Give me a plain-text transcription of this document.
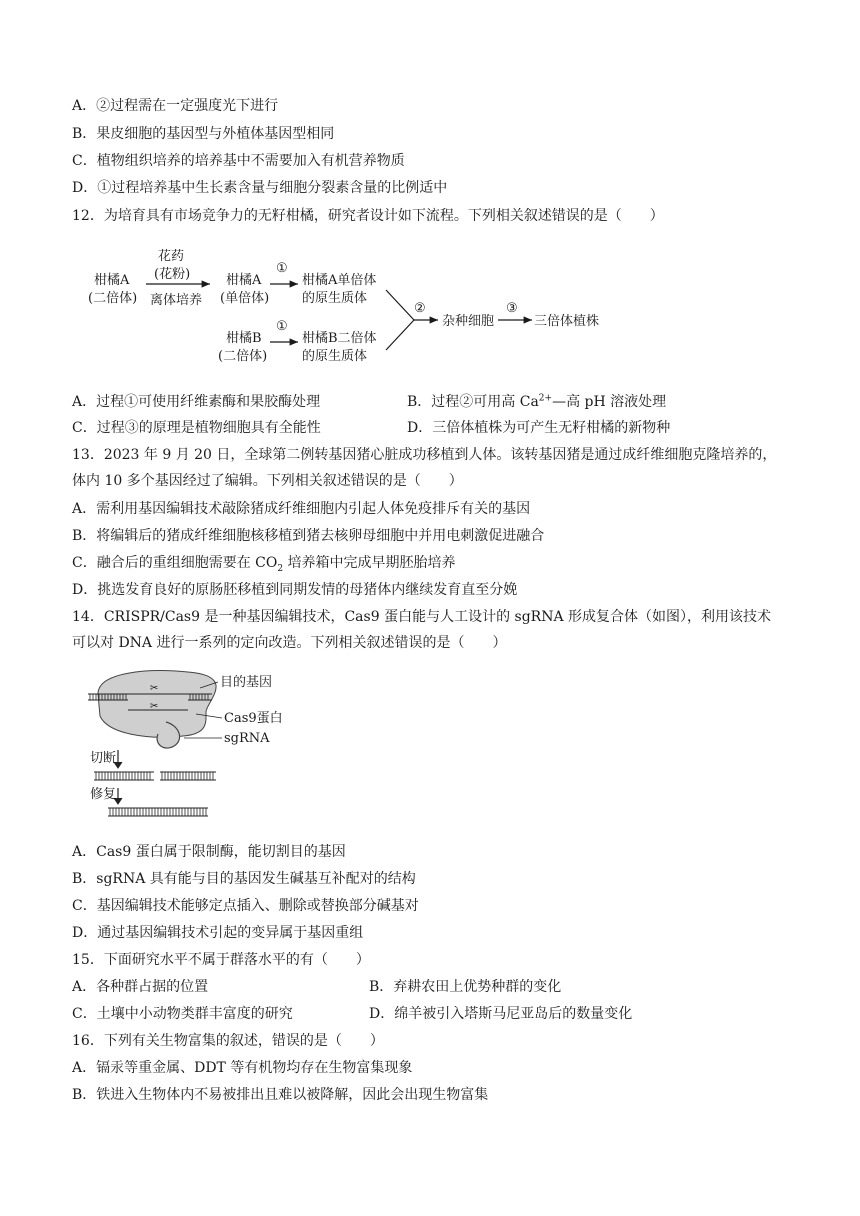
A．②过程需在一定强度光下进行
B．果皮细胞的基因型与外植体基因型相同
C．植物组织培养的培养基中不需要加入有机营养物质
D．①过程培养基中生长素含量与细胞分裂素含量的比例适中
12．为培育具有市场竞争力的无籽柑橘，研究者设计如下流程。下列相关叙述错误的是（　　）
柑橘A
(二倍体)
花药
(花粉)
离体培养
柑橘A
(单倍体)
①
柑橘A单倍体
的原生质体
柑橘B
(二倍体)
①
柑橘B二倍体
的原生质体
②
杂种细胞
③
三倍体植株
A．过程①可使用纤维素酶和果胶酶处理	B．过程②可用高 $Ca^{2+}—$高 pH 溶液处理
C．过程③的原理是植物细胞具有全能性	D．三倍体植株为可产生无籽柑橘的新物种
13．2023 年 9 月 20 日，全球第二例转基因猪心脏成功移植到人体。该转基因猪是通过成纤维细胞克隆培养的，
体内 10 多个基因经过了编辑。下列相关叙述错误的是（　　）
A．需利用基因编辑技术敲除猪成纤维细胞内引起人体免疫排斥有关的基因
B．将编辑后的猪成纤维细胞核移植到猪去核卵母细胞中并用电刺激促进融合
C．融合后的重组细胞需要在 $CO_2$ 培养箱中完成早期胚胎培养
D．挑选发育良好的原肠胚移植到同期发情的母猪体内继续发育直至分娩
14．CRISPR/Cas9 是一种基因编辑技术，Cas9 蛋白能与人工设计的 sgRNA 形成复合体（如图），利用该技术
可以对 DNA 进行一系列的定向改造。下列相关叙述错误的是（　　）
✂
✂
目的基因
Cas9蛋白
sgRNA
切断
修复
A．Cas9 蛋白属于限制酶，能切割目的基因
B．sgRNA 具有能与目的基因发生碱基互补配对的结构
C．基因编辑技术能够定点插入、删除或替换部分碱基对
D．通过基因编辑技术引起的变异属于基因重组
15．下面研究水平不属于群落水平的有（　　）
A．各种群占据的位置	B．弃耕农田上优势种群的变化
C．土壤中小动物类群丰富度的研究	D．绵羊被引入塔斯马尼亚岛后的数量变化
16．下列有关生物富集的叙述，错误的是（　　）
A．镉汞等重金属、DDT 等有机物均存在生物富集现象
B．铁进入生物体内不易被排出且难以被降解，因此会出现生物富集
